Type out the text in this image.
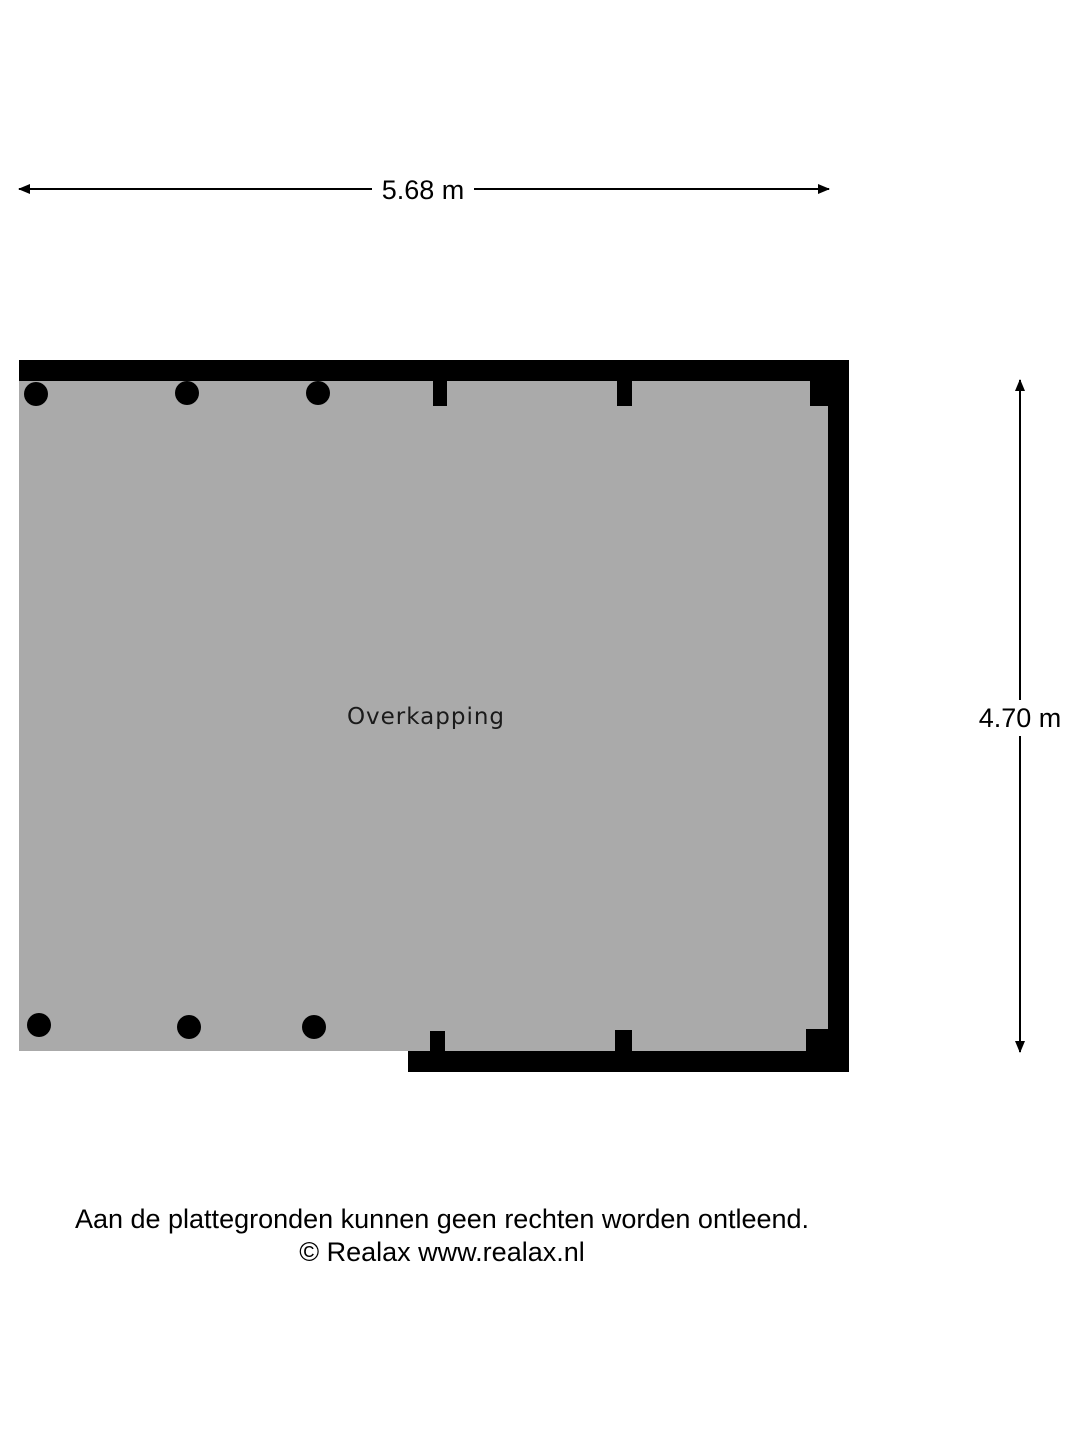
5.68 m
4.70 m
Overkapping
Aan de plattegronden kunnen geen rechten worden ontleend.
© Realax www.realax.nl
